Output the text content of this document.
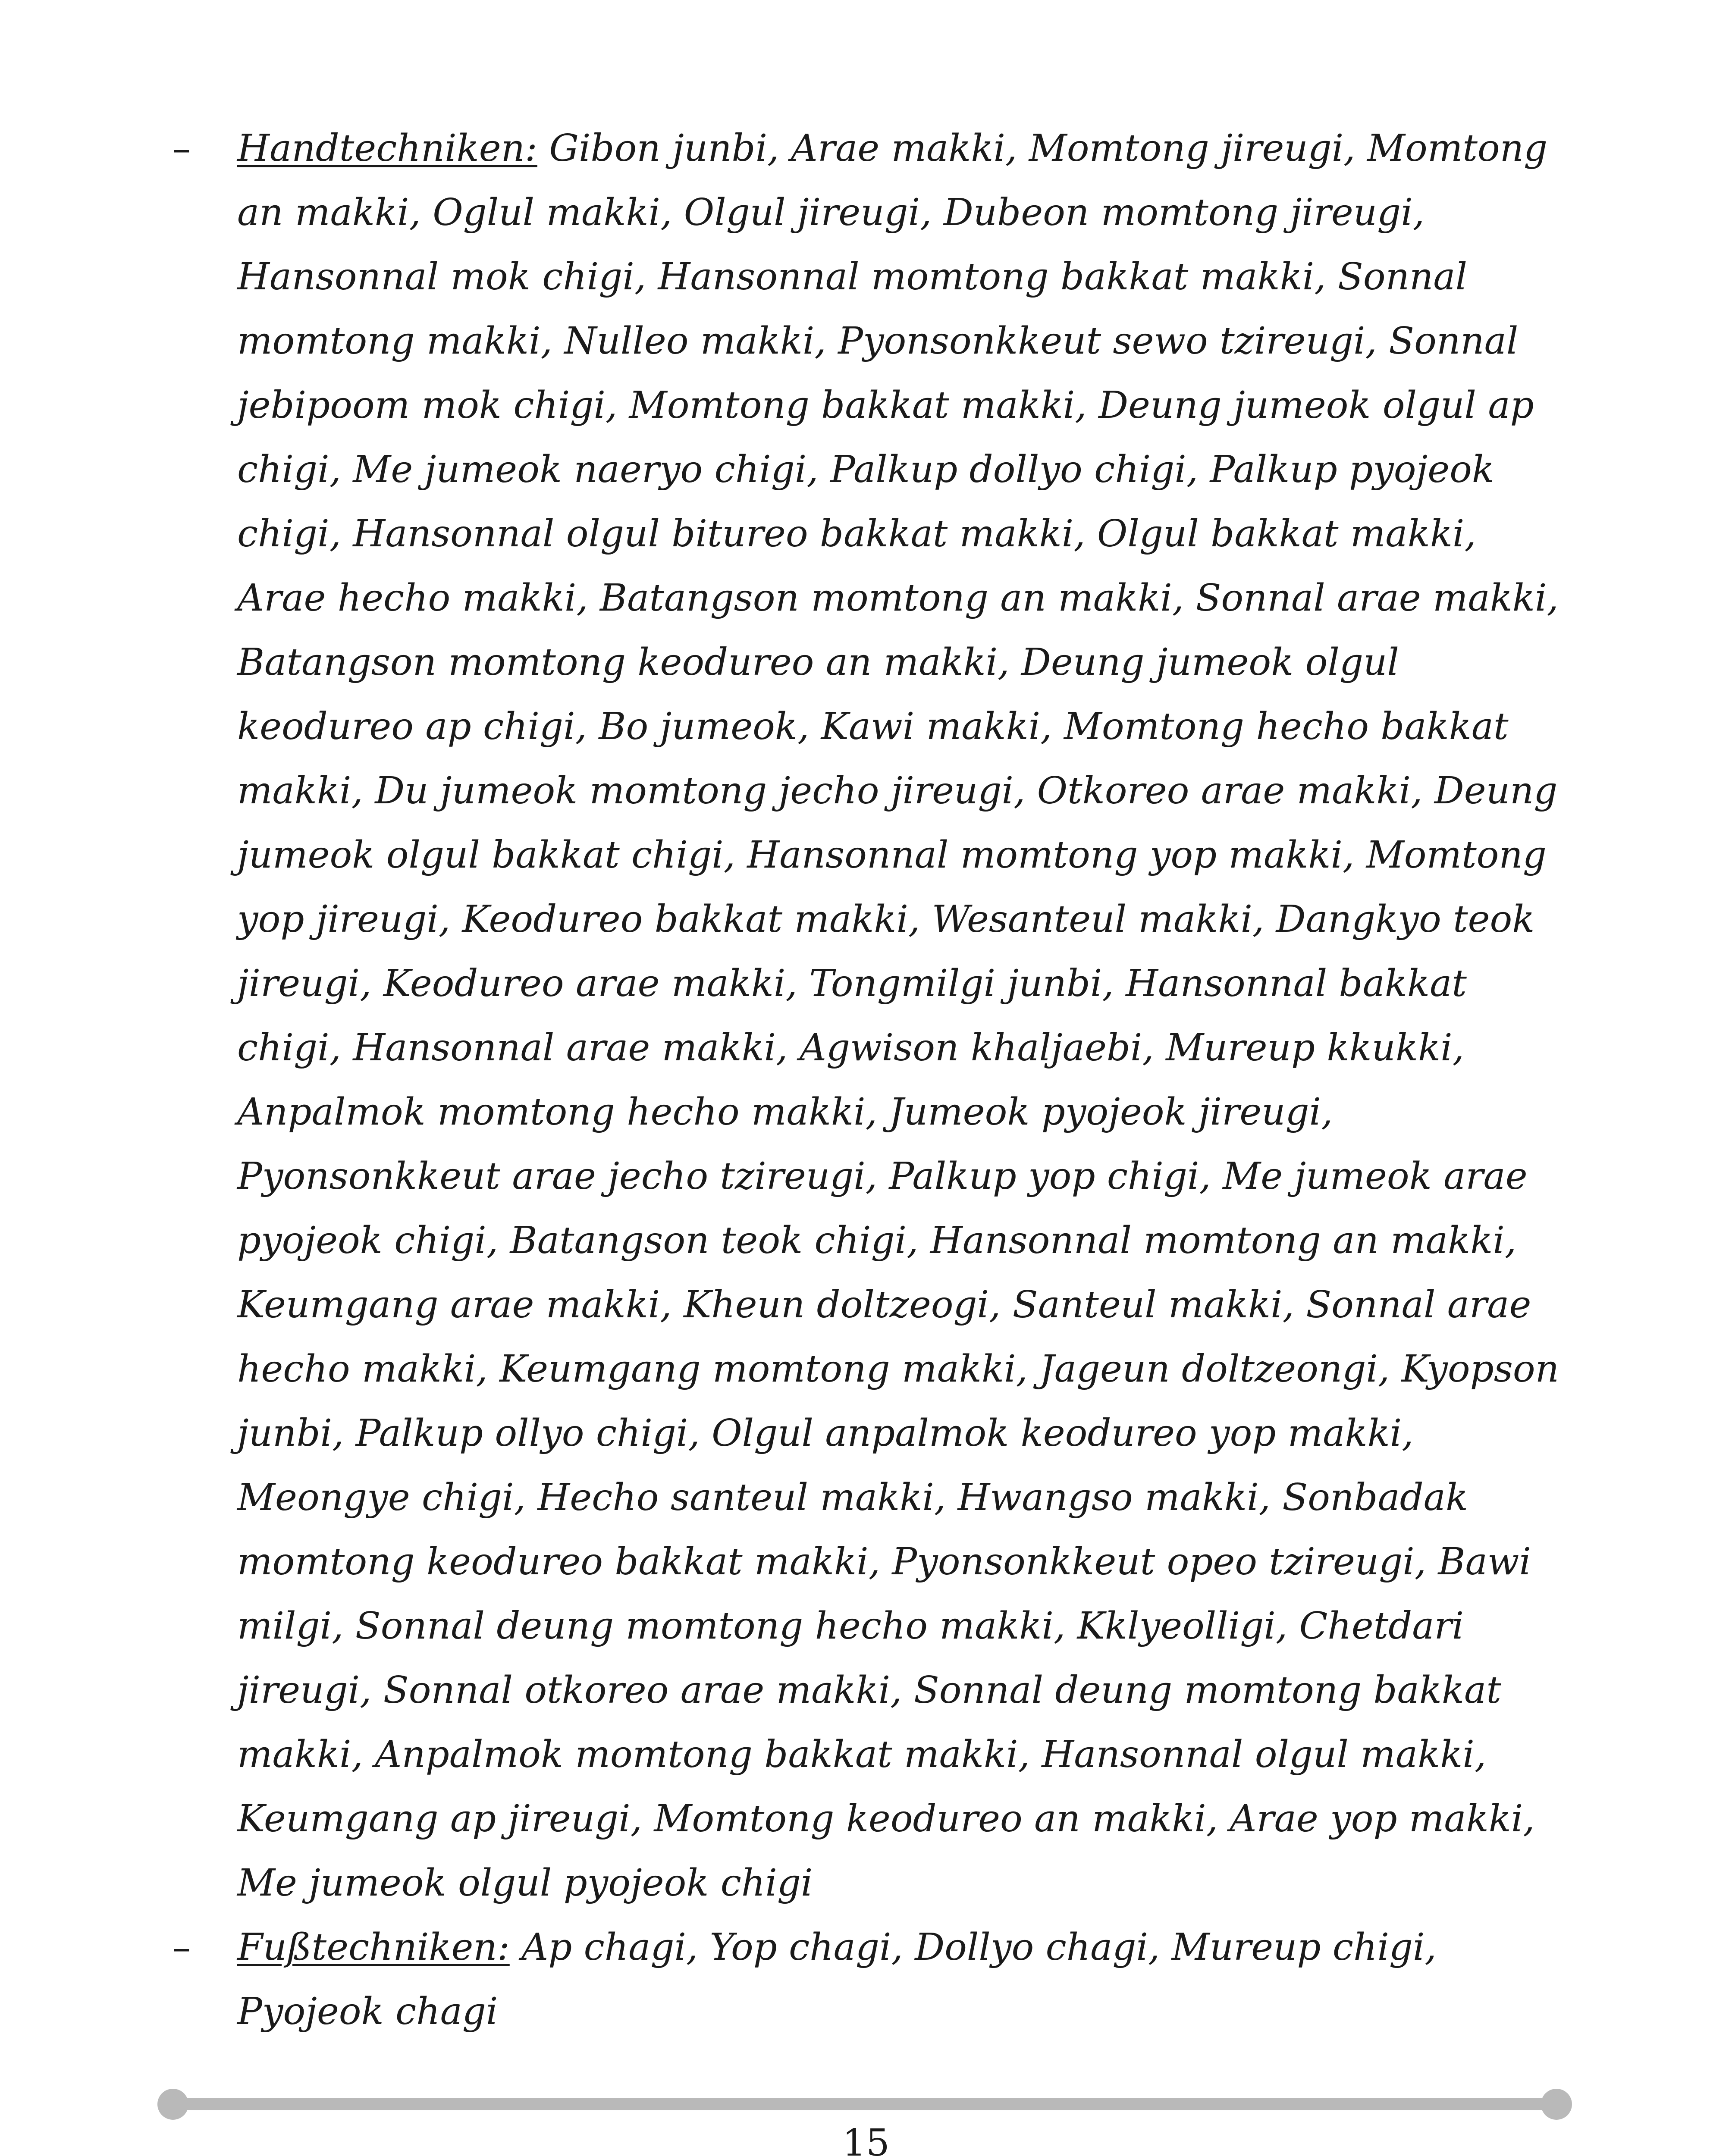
–	Handtechniken: Gibon junbi, Arae makki, Momtong jireugi, Momtong an makki, Oglul makki, Olgul jireugi, Dubeon momtong jireugi, Hansonnal mok chigi, Hansonnal momtong bakkat makki, Sonnal momtong makki, Nulleo makki, Pyonsonkkeut sewo tzireugi, Sonnal jebipoom mok chigi, Momtong bakkat makki, Deung jumeok olgul ap chigi, Me jumeok naeryo chigi, Palkup dollyo chigi, Palkup pyojeok chigi, Hansonnal olgul bitureo bakkat makki, Olgul bakkat makki, Arae hecho makki, Batangson momtong an makki, Sonnal arae makki, Batangson momtong keodureo an makki, Deung jumeok olgul keodureo ap chigi, Bo jumeok, Kawi makki, Momtong hecho bakkat makki, Du jumeok momtong jecho jireugi, Otkoreo arae makki, Deung jumeok olgul bakkat chigi, Hansonnal momtong yop makki, Momtong yop jireugi, Keodureo bakkat makki, Wesanteul makki, Dangkyo teok jireugi, Keodureo arae makki, Tongmilgi junbi, Hansonnal bakkat chigi, Hansonnal arae makki, Agwison khaljaebi, Mureup kkukki, Anpalmok momtong hecho makki, Jumeok pyojeok jireugi, Pyonsonkkeut arae jecho tzireugi, Palkup yop chigi, Me jumeok arae pyojeok chigi, Batangson teok chigi, Hansonnal momtong an makki, Keumgang arae makki, Kheun doltzeogi, Santeul makki, Sonnal arae hecho makki, Keumgang momtong makki, Jageun doltzeongi, Kyopson junbi, Palkup ollyo chigi, Olgul anpalmok keodureo yop makki, Meongye chigi, Hecho santeul makki, Hwangso makki, Sonbadak momtong keodureo bakkat makki, Pyonsonkkeut opeo tzireugi, Bawi milgi, Sonnal deung momtong hecho makki, Kklyeolligi, Chetdari jireugi, Sonnal otkoreo arae makki, Sonnal deung momtong bakkat makki, Anpalmok momtong bakkat makki, Hansonnal olgul makki, Keumgang ap jireugi, Momtong keodureo an makki, Arae yop makki, Me jumeok olgul pyojeok chigi
–	Fußtechniken: Ap chagi, Yop chagi, Dollyo chagi, Mureup chigi, Pyojeok chagi
15
